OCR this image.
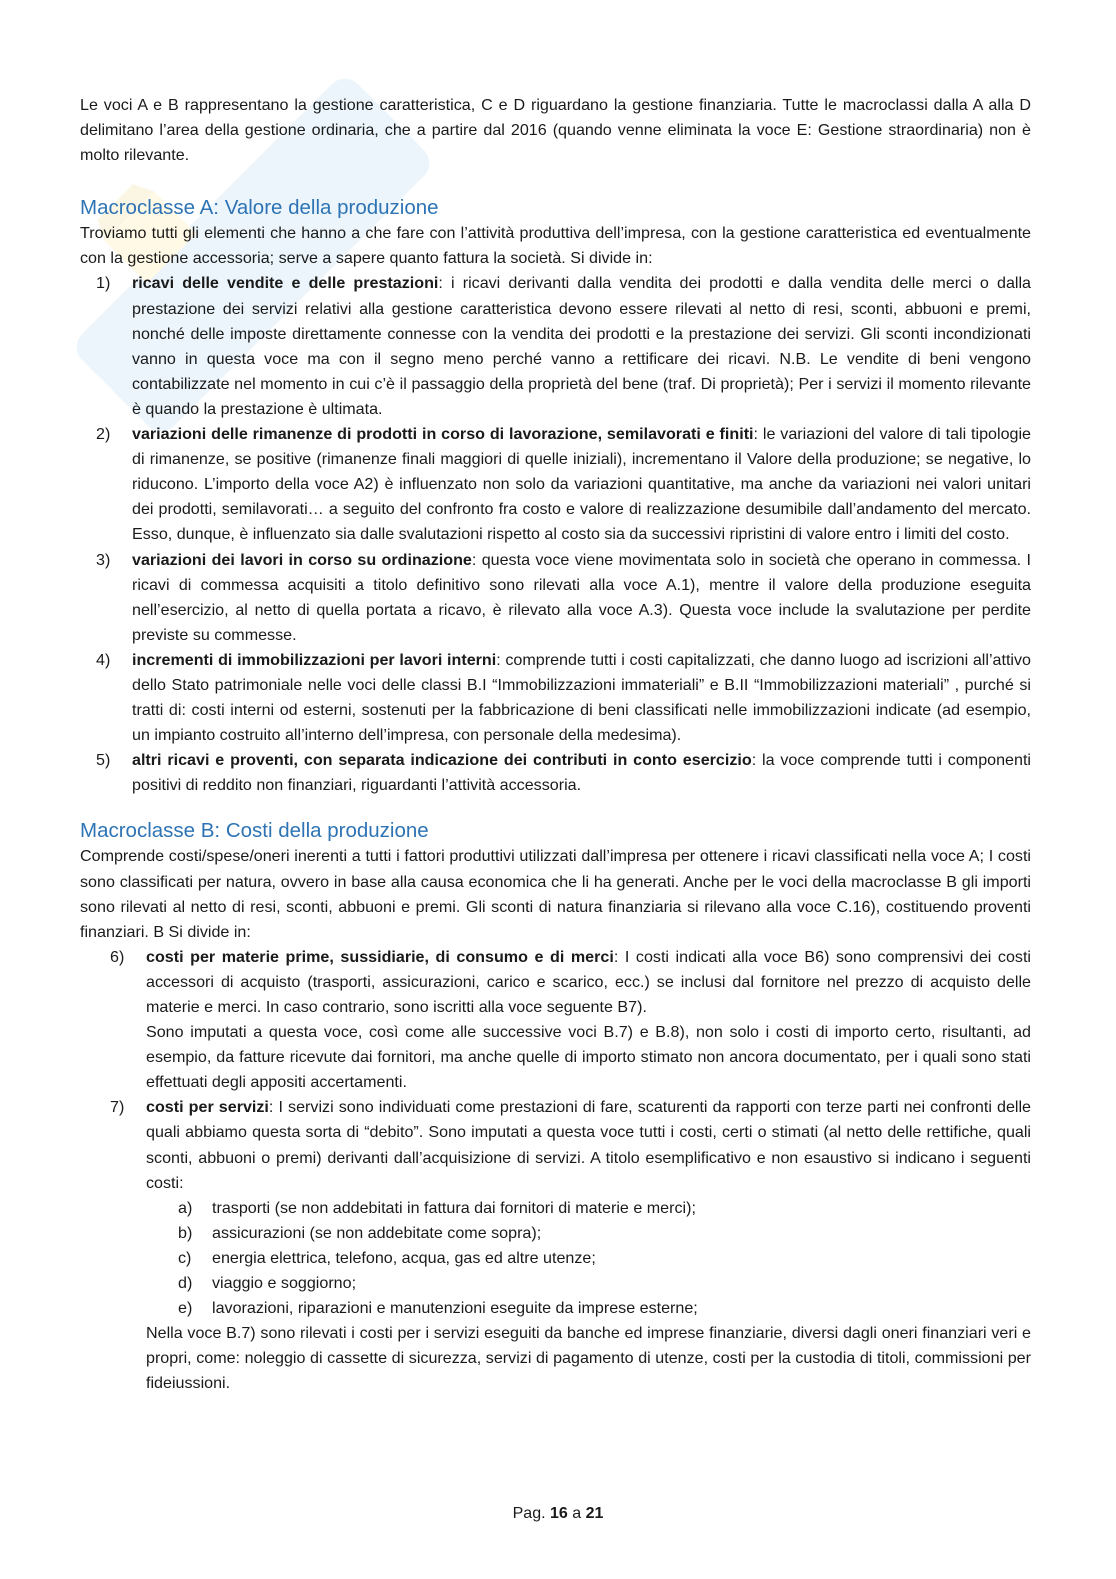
Le voci A e B rappresentano la gestione caratteristica, C e D riguardano la gestione finanziaria. Tutte le macroclassi dalla A alla D delimitano l’area della gestione ordinaria, che a partire dal 2016 (quando venne eliminata la voce E: Gestione straordinaria) non è molto rilevante.

Macroclasse A: Valore della produzione

Troviamo tutti gli elementi che hanno a che fare con l’attività produttiva dell’impresa, con la gestione caratteristica ed eventualmente con la gestione accessoria; serve a sapere quanto fattura la società. Si divide in:

1) ricavi delle vendite e delle prestazioni: i ricavi derivanti dalla vendita dei prodotti e dalla vendita delle merci o dalla prestazione dei servizi relativi alla gestione caratteristica devono essere rilevati al netto di resi, sconti, abbuoni e premi, nonché delle imposte direttamente connesse con la vendita dei prodotti e la prestazione dei servizi. Gli sconti incondizionati vanno in questa voce ma con il segno meno perché vanno a rettificare dei ricavi. N.B. Le vendite di beni vengono contabilizzate nel momento in cui c’è il passaggio della proprietà del bene (traf. Di proprietà); Per i servizi il momento rilevante è quando la prestazione è ultimata.
2) variazioni delle rimanenze di prodotti in corso di lavorazione, semilavorati e finiti: le variazioni del valore di tali tipologie di rimanenze, se positive (rimanenze finali maggiori di quelle iniziali), incrementano il Valore della produzione; se negative, lo riducono. L’importo della voce A2) è influenzato non solo da variazioni quantitative, ma anche da variazioni nei valori unitari dei prodotti, semilavorati… a seguito del confronto fra costo e valore di realizzazione desumibile dall’andamento del mercato. Esso, dunque, è influenzato sia dalle svalutazioni rispetto al costo sia da successivi ripristini di valore entro i limiti del costo.
3) variazioni dei lavori in corso su ordinazione: questa voce viene movimentata solo in società che operano in commessa. I ricavi di commessa acquisiti a titolo definitivo sono rilevati alla voce A.1), mentre il valore della produzione eseguita nell’esercizio, al netto di quella portata a ricavo, è rilevato alla voce A.3). Questa voce include la svalutazione per perdite previste su commesse.
4) incrementi di immobilizzazioni per lavori interni: comprende tutti i costi capitalizzati, che danno luogo ad iscrizioni all’attivo dello Stato patrimoniale nelle voci delle classi B.I “Immobilizzazioni immateriali” e B.II “Immobilizzazioni materiali” , purché si tratti di: costi interni od esterni, sostenuti per la fabbricazione di beni classificati nelle immobilizzazioni indicate (ad esempio, un impianto costruito all’interno dell’impresa, con personale della medesima).
5) altri ricavi e proventi, con separata indicazione dei contributi in conto esercizio: la voce comprende tutti i componenti positivi di reddito non finanziari, riguardanti l’attività accessoria.
Macroclasse B: Costi della produzione

Comprende costi/spese/oneri inerenti a tutti i fattori produttivi utilizzati dall’impresa per ottenere i ricavi classificati nella voce A; I costi sono classificati per natura, ovvero in base alla causa economica che li ha generati. Anche per le voci della macroclasse B gli importi sono rilevati al netto di resi, sconti, abbuoni e premi. Gli sconti di natura finanziaria si rilevano alla voce C.16), costituendo proventi finanziari. B Si divide in:

6) costi per materie prime, sussidiarie, di consumo e di merci: I costi indicati alla voce B6) sono comprensivi dei costi accessori di acquisto (trasporti, assicurazioni, carico e scarico, ecc.) se inclusi dal fornitore nel prezzo di acquisto delle materie e merci. In caso contrario, sono iscritti alla voce seguente B7).

Sono imputati a questa voce, così come alle successive voci B.7) e B.8), non solo i costi di importo certo, risultanti, ad esempio, da fatture ricevute dai fornitori, ma anche quelle di importo stimato non ancora documentato, per i quali sono stati effettuati degli appositi accertamenti.

7) costi per servizi: I servizi sono individuati come prestazioni di fare, scaturenti da rapporti con terze parti nei confronti delle quali abbiamo questa sorta di “debito”. Sono imputati a questa voce tutti i costi, certi o stimati (al netto delle rettifiche, quali sconti, abbuoni o premi) derivanti dall’acquisizione di servizi. A titolo esemplificativo e non esaustivo si indicano i seguenti costi:
a) trasporti (se non addebitati in fattura dai fornitori di materie e merci);
b) assicurazioni (se non addebitate come sopra);
c) energia elettrica, telefono, acqua, gas ed altre utenze;
d) viaggio e soggiorno;
e) lavorazioni, riparazioni e manutenzioni eseguite da imprese esterne;

Nella voce B.7) sono rilevati i costi per i servizi eseguiti da banche ed imprese finanziarie, diversi dagli oneri finanziari veri e propri, come: noleggio di cassette di sicurezza, servizi di pagamento di utenze, costi per la custodia di titoli, commissioni per fideiussioni.

Pag. 16 a 21
